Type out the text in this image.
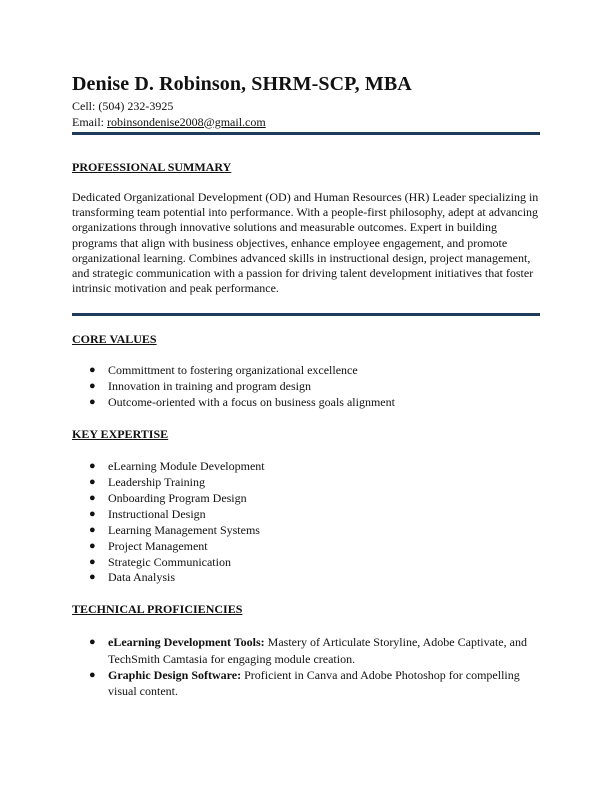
Denise D. Robinson, SHRM-SCP, MBA

Cell: (504) 232-3925

Email: robinsondenise2008@gmail.com

PROFESSIONAL SUMMARY

Dedicated Organizational Development (OD) and Human Resources (HR) Leader specializing in transforming team potential into performance. With a people-first philosophy, adept at advancing organizations through innovative solutions and measurable outcomes. Expert in building programs that align with business objectives, enhance employee engagement, and promote organizational learning. Combines advanced skills in instructional design, project management, and strategic communication with a passion for driving talent development initiatives that foster intrinsic motivation and peak performance.

CORE VALUES
● Committment to fostering organizational excellence
● Innovation in training and program design
● Outcome-oriented with a focus on business goals alignment
KEY EXPERTISE
● eLearning Module Development
● Leadership Training
● Onboarding Program Design
● Instructional Design
● Learning Management Systems
● Project Management
● Strategic Communication
● Data Analysis
TECHNICAL PROFICIENCIES
● eLearning Development Tools: Mastery of Articulate Storyline, Adobe Captivate, and TechSmith Camtasia for engaging module creation.
● Graphic Design Software: Proficient in Canva and Adobe Photoshop for compelling visual content.
